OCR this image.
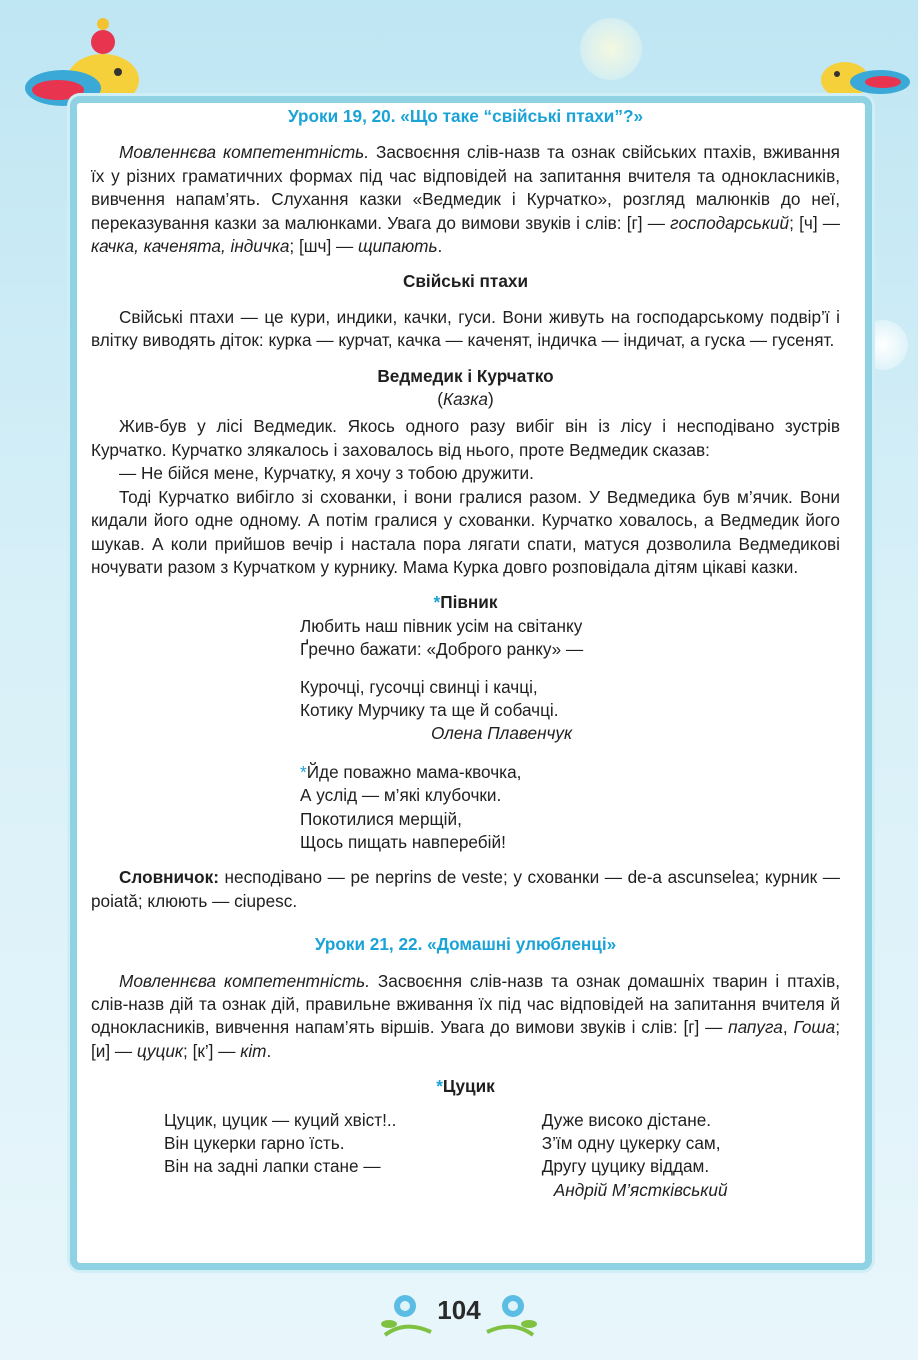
Уроки 19, 20. «Що таке “свійські птахи”?»

Мовленнєва компетентність. Засвоєння слів-назв та ознак свійських птахів, вживання їх у різних граматичних формах під час відповідей на запитання вчителя та однокласників, вивчення напам’ять. Слухання казки «Ведмедик і Курчатко», розгляд малюнків до неї, переказування казки за малюнками. Увага до вимови звуків і слів: [г] — господарський; [ч] — качка, каченята, індичка; [шч] — щипають.

Свійські птахи

Свійські птахи — це кури, индики, качки, гуси. Вони живуть на господарському подвір’ї і влітку виводять діток: курка — курчат, качка — каченят, індичка — індичат, а гуска — гусенят.

Ведмедик і Курчатко

(Казка)

Жив-був у лісі Ведмедик. Якось одного разу вибіг він із лісу і несподівано зустрів Курчатко. Курчатко злякалось і заховалось від нього, проте Ведмедик сказав:

— Не бійся мене, Курчатку, я хочу з тобою дружити.

Тоді Курчатко вибігло зі схованки, і вони гралися разом. У Ведмедика був м’ячик. Вони кидали його одне одному. А потім гралися у схованки. Курчатко ховалось, а Ведмедик його шукав. А коли прийшов вечір і настала пора лягати спати, матуся дозволила Ведмедикові ночувати разом з Курчатком у курнику. Мама Курка довго розповідала дітям цікаві казки.

*Півник

Любить наш півник усім на світанку

Ґречно бажати: «Доброго ранку» —

Курочці, гусочці свинці і качці,

Котику Мурчику та ще й собачці.

Олена Плавенчук

*Йде поважно мама-квочка,

А услід — м’які клубочки.

Покотилися мерщій,

Щось пищать навперебій!

Словничок: несподівано — pe neprins de veste; у схованки — de-a ascunselea; курник — poiată; клюють — ciupesc.

Уроки 21, 22. «Домашні улюбленці»

Мовленнєва компетентність. Засвоєння слів-назв та ознак домашніх тварин і птахів, слів-назв дій та ознак дій, правильне вживання їх під час відповідей на запитання вчителя й однокласників, вивчення напам’ять віршів. Увага до вимови звуків і слів: [г] — папуга, Гоша; [и] — цуцик; [к’] — кіт.

*Цуцик

Цуцик, цуцик — куций хвіст!..

Він цукерки гарно їсть.

Він на задні лапки стане —

Дуже високо дістане.

З’їм одну цукерку сам,

Другу цуцику віддам.

Андрій М’ястківський

104
